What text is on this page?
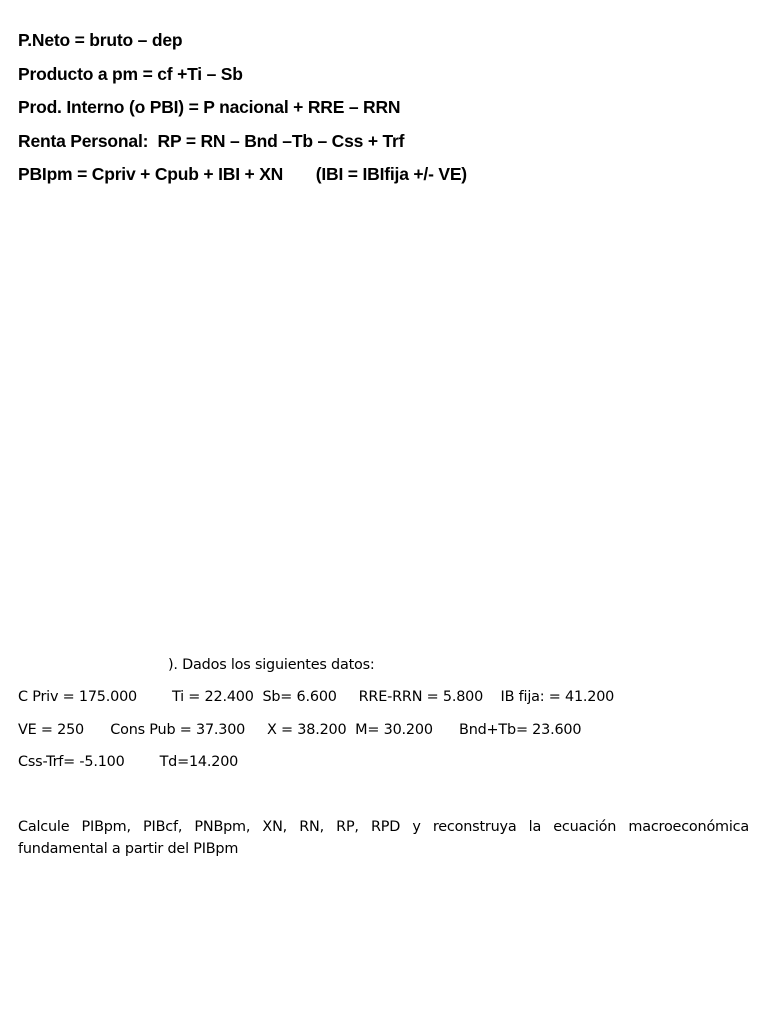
P.Neto = bruto – dep
Producto a pm = cf +Ti – Sb
Prod. Interno (o PBI) = P nacional + RRE – RRN
Renta Personal:  RP = RN – Bnd –Tb – Css + Trf
PBIpm = Cpriv + Cpub + IBI + XN       (IBI = IBIfija +/- VE)
). Dados los siguientes datos:
C Priv = 175.000        Ti = 22.400  Sb= 6.600     RRE-RRN = 5.800    IB fija: = 41.200
VE = 250      Cons Pub = 37.300     X = 38.200  M= 30.200      Bnd+Tb= 23.600
Css-Trf= -5.100        Td=14.200
Calcule PIBpm, PIBcf, PNBpm, XN, RN, RP, RPD y reconstruya la ecuación macroeconómica fundamental a partir del PIBpm
